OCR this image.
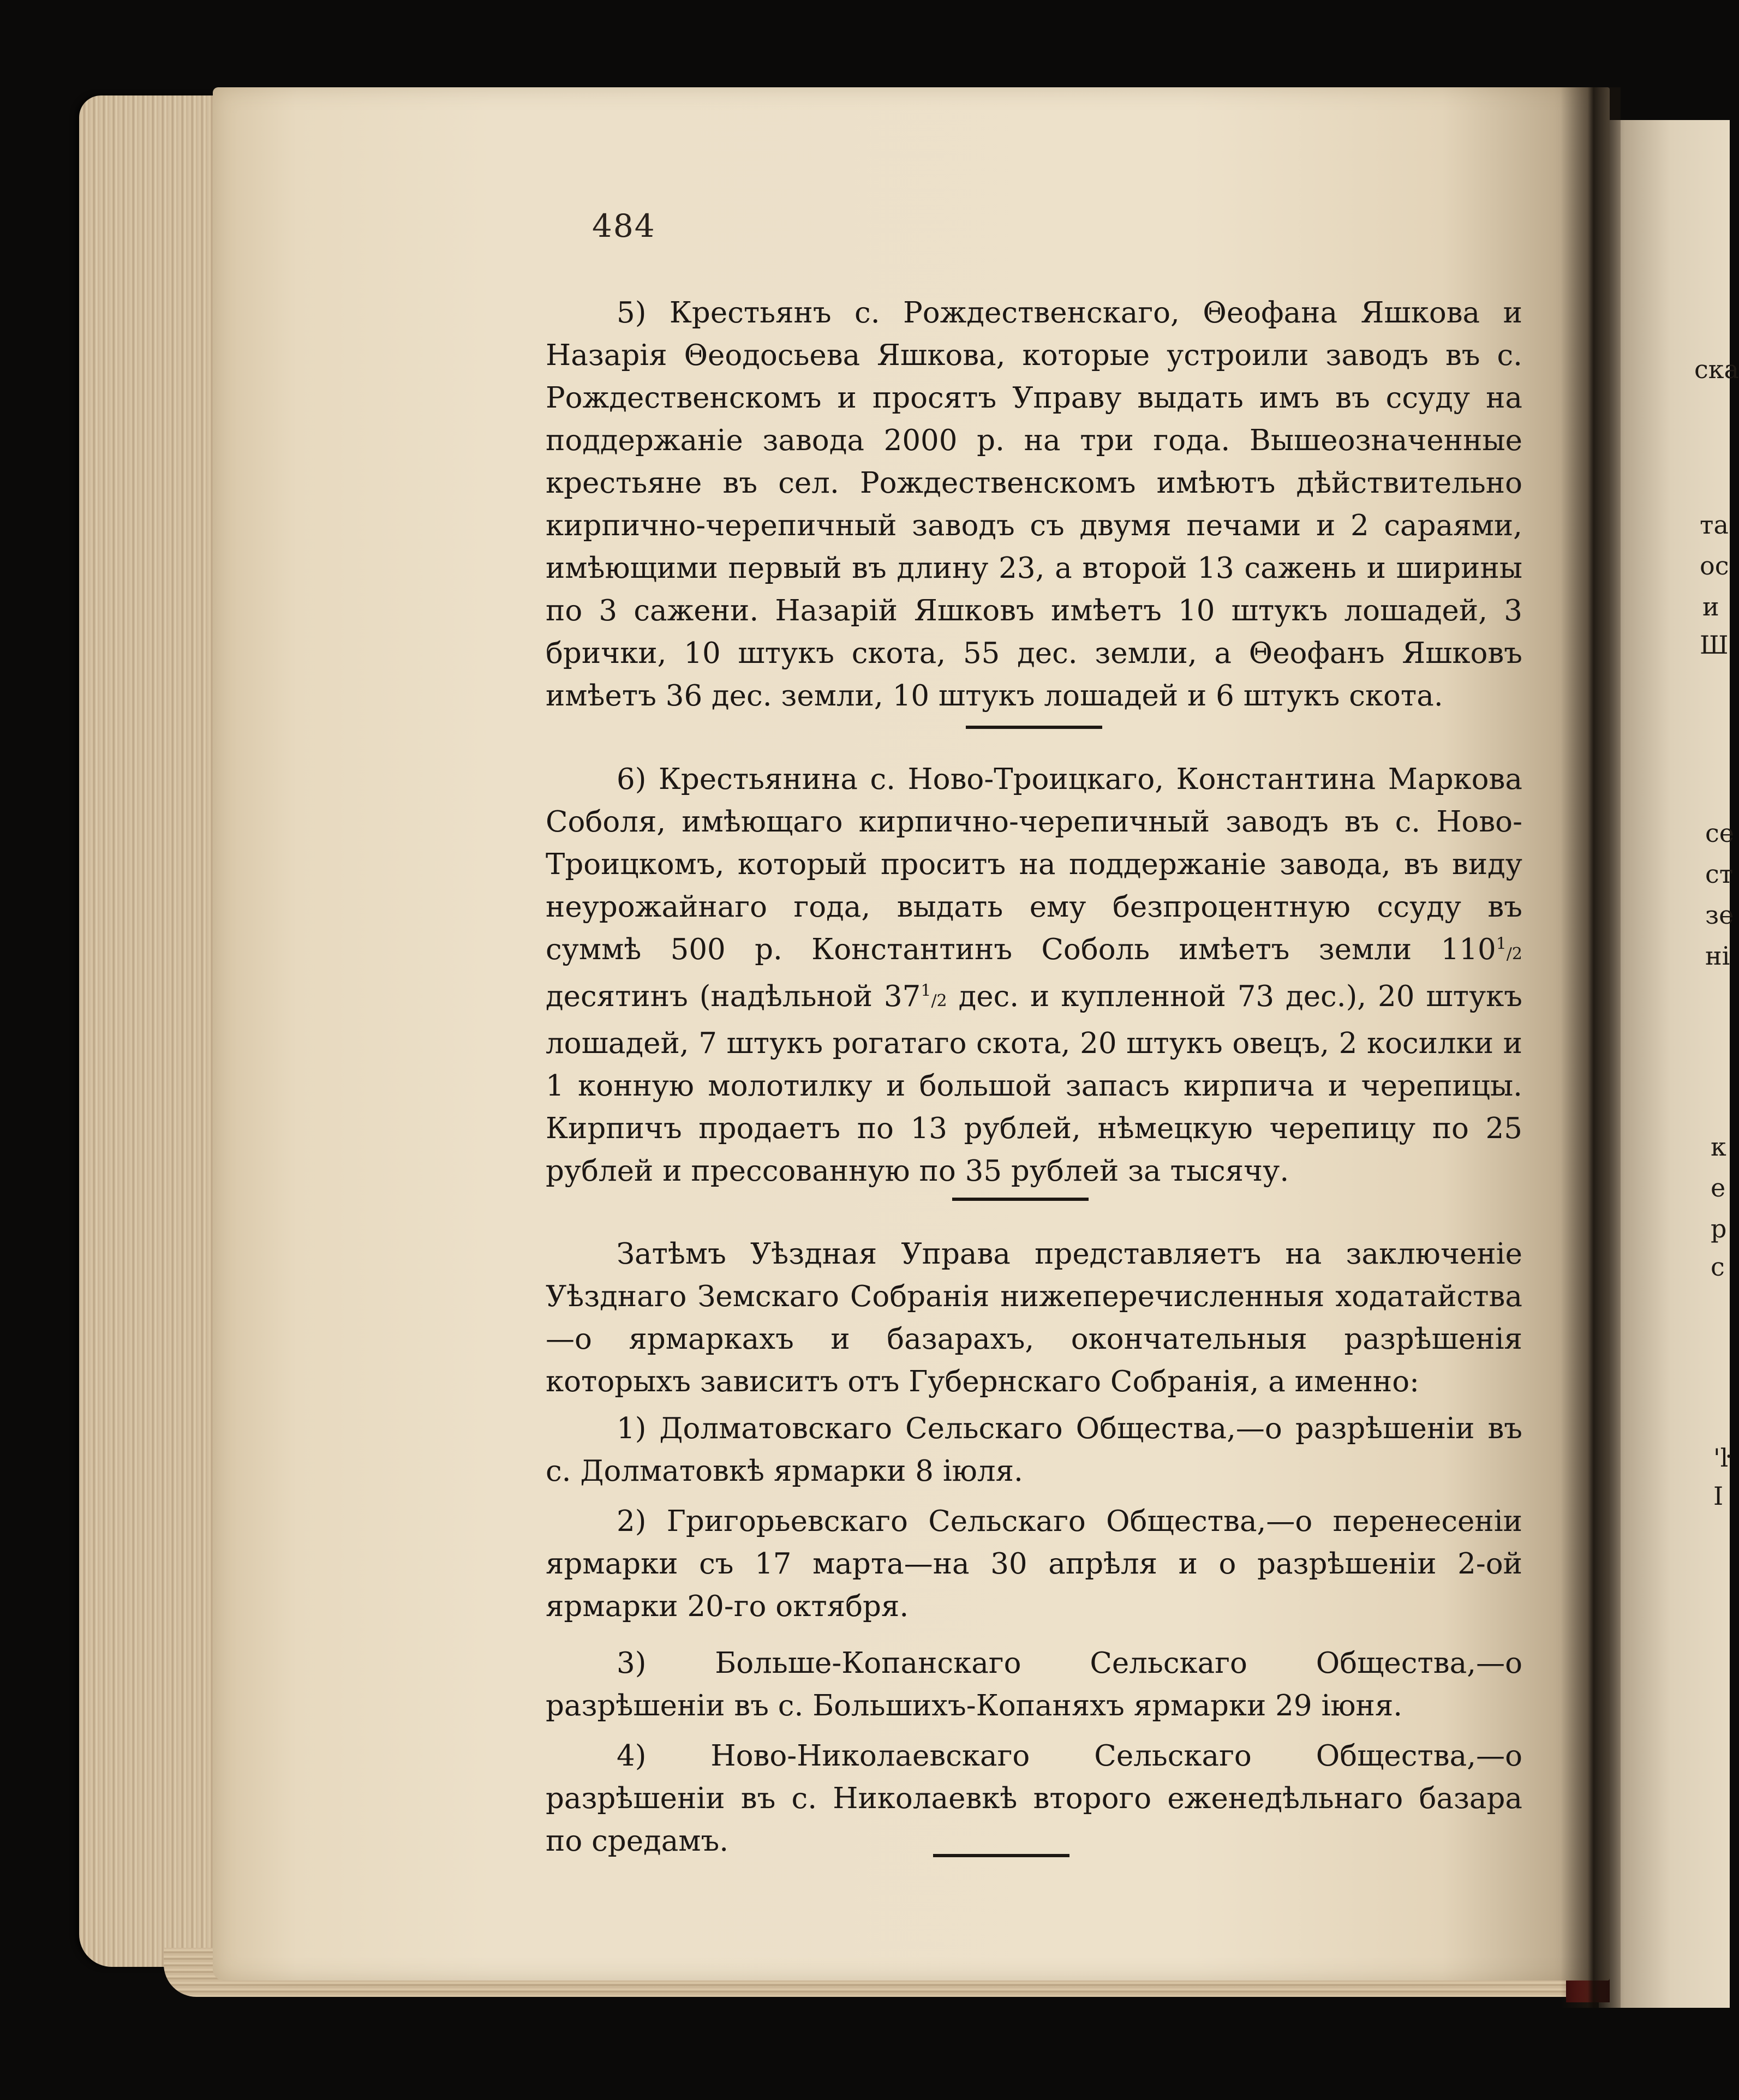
484

5) Крестьянъ с. Рождественскаго, Θеофана Яшкова и Назарія Θеодосьева Яшкова, которые устроили заводъ въ с. Рождественскомъ и просятъ Управу выдать имъ въ ссуду на поддержаніе завода 2000 р. на три года. Вышеозначенные крестьяне въ сел. Рождественскомъ имѣютъ дѣйствительно кирпично-черепичный заводъ съ двумя печами и 2 сараями, имѣющими первый въ длину 23, а второй 13 сажень и ширины по 3 сажени. Назарій Яшковъ имѣетъ 10 штукъ лошадей, 3 брички, 10 штукъ скота, 55 дес. земли, а Θеофанъ Яшковъ имѣетъ 36 дес. земли, 10 штукъ лошадей и 6 штукъ скота.

6) Крестьянина с. Ново-Троицкаго, Константина Маркова Соболя, имѣющаго кирпично-черепичный заводъ въ с. Ново-Троицкомъ, который проситъ на поддержаніе завода, въ виду неурожайнаго года, выдать ему безпроцентную ссуду въ суммѣ 500 р. Константинъ Соболь имѣетъ земли $110^1/2$ десятинъ (надѣльной $37^1/2$ дес. и купленной 73 дес.), 20 штукъ лошадей, 7 штукъ рогатаго скота, 20 штукъ овецъ, 2 косилки и 1 конную молотилку и большой запасъ кирпича и черепицы. Кирпичъ продаетъ по 13 рублей, нѣмецкую черепицу по 25 рублей и прессованную по 35 рублей за тысячу.

Затѣмъ Уѣздная Управа представляетъ на заключеніе Уѣзднаго Земскаго Собранія нижеперечисленныя ходатайства—о ярмаркахъ и базарахъ, окончательныя разрѣшенія которыхъ зависитъ отъ Губернскаго Собранія, а именно:

1) Долматовскаго Сельскаго Общества,—о разрѣшеніи въ с. Долматовкѣ ярмарки 8 іюля.

2) Григорьевскаго Сельскаго Общества,—о перенесеніи ярмарки съ 17 марта—на 30 апрѣля и о разрѣшеніи 2-ой ярмарки 20-го октября.

3) Больше-Копанскаго Сельскаго Общества,—о разрѣшеніи въ с. Большихъ-Копаняхъ ярмарки 29 іюня.

4) Ново-Николаевскаго Сельскаго Общества,—о разрѣшеніи въ с. Николаевкѣ второго еженедѣльнаго базара по средамъ.

ска
та
ос
и
Ш
се
ст
зе
ні
к
е
р
с
'ŀ
І
